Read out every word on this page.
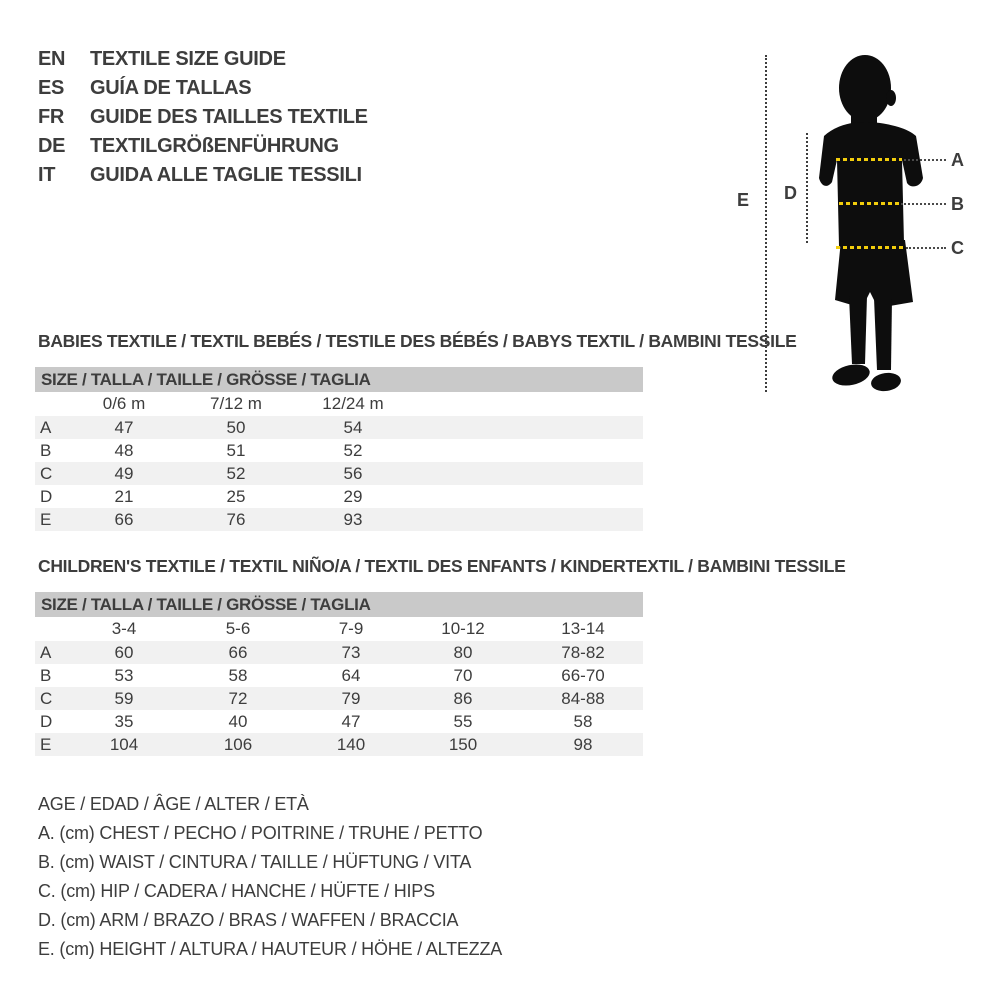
EN	TEXTILE SIZE GUIDE
ES	GUÍA DE TALLAS
FR	GUIDE DES TAILLES TEXTILE
DE	TEXTILGRÖßENFÜHRUNG
IT	GUIDA ALLE TAGLIE TESSILI
E D
A
B
C
BABIES TEXTILE / TEXTIL BEBÉS / TESTILE DES BÉBÉS / BABYS TEXTIL / BAMBINI TESSILE
SIZE / TALLA / TAILLE / GRÖSSE / TAGLIA				
	0/6 m	7/12 m	12/24 m	
A	47	50	54	
B	48	51	52	
C	49	52	56	
D	21	25	29	
E	66	76	93	
CHILDREN'S TEXTILE / TEXTIL NIÑO/A / TEXTIL DES ENFANTS / KINDERTEXTIL / BAMBINI TESSILE
SIZE / TALLA / TAILLE / GRÖSSE / TAGLIA					
	3-4	5-6	7-9	10-12	13-14
A	60	66	73	80	78-82
B	53	58	64	70	66-70
C	59	72	79	86	84-88
D	35	40	47	55	58
E	104	106	140	150	98
AGE / EDAD / ÂGE / ALTER / ETÀ
A. (cm) CHEST / PECHO / POITRINE / TRUHE / PETTO
B. (cm) WAIST / CINTURA / TAILLE / HÜFTUNG / VITA
C. (cm) HIP / CADERA / HANCHE / HÜFTE / HIPS
D. (cm) ARM / BRAZO / BRAS / WAFFEN / BRACCIA
E. (cm) HEIGHT / ALTURA / HAUTEUR / HÖHE / ALTEZZA
